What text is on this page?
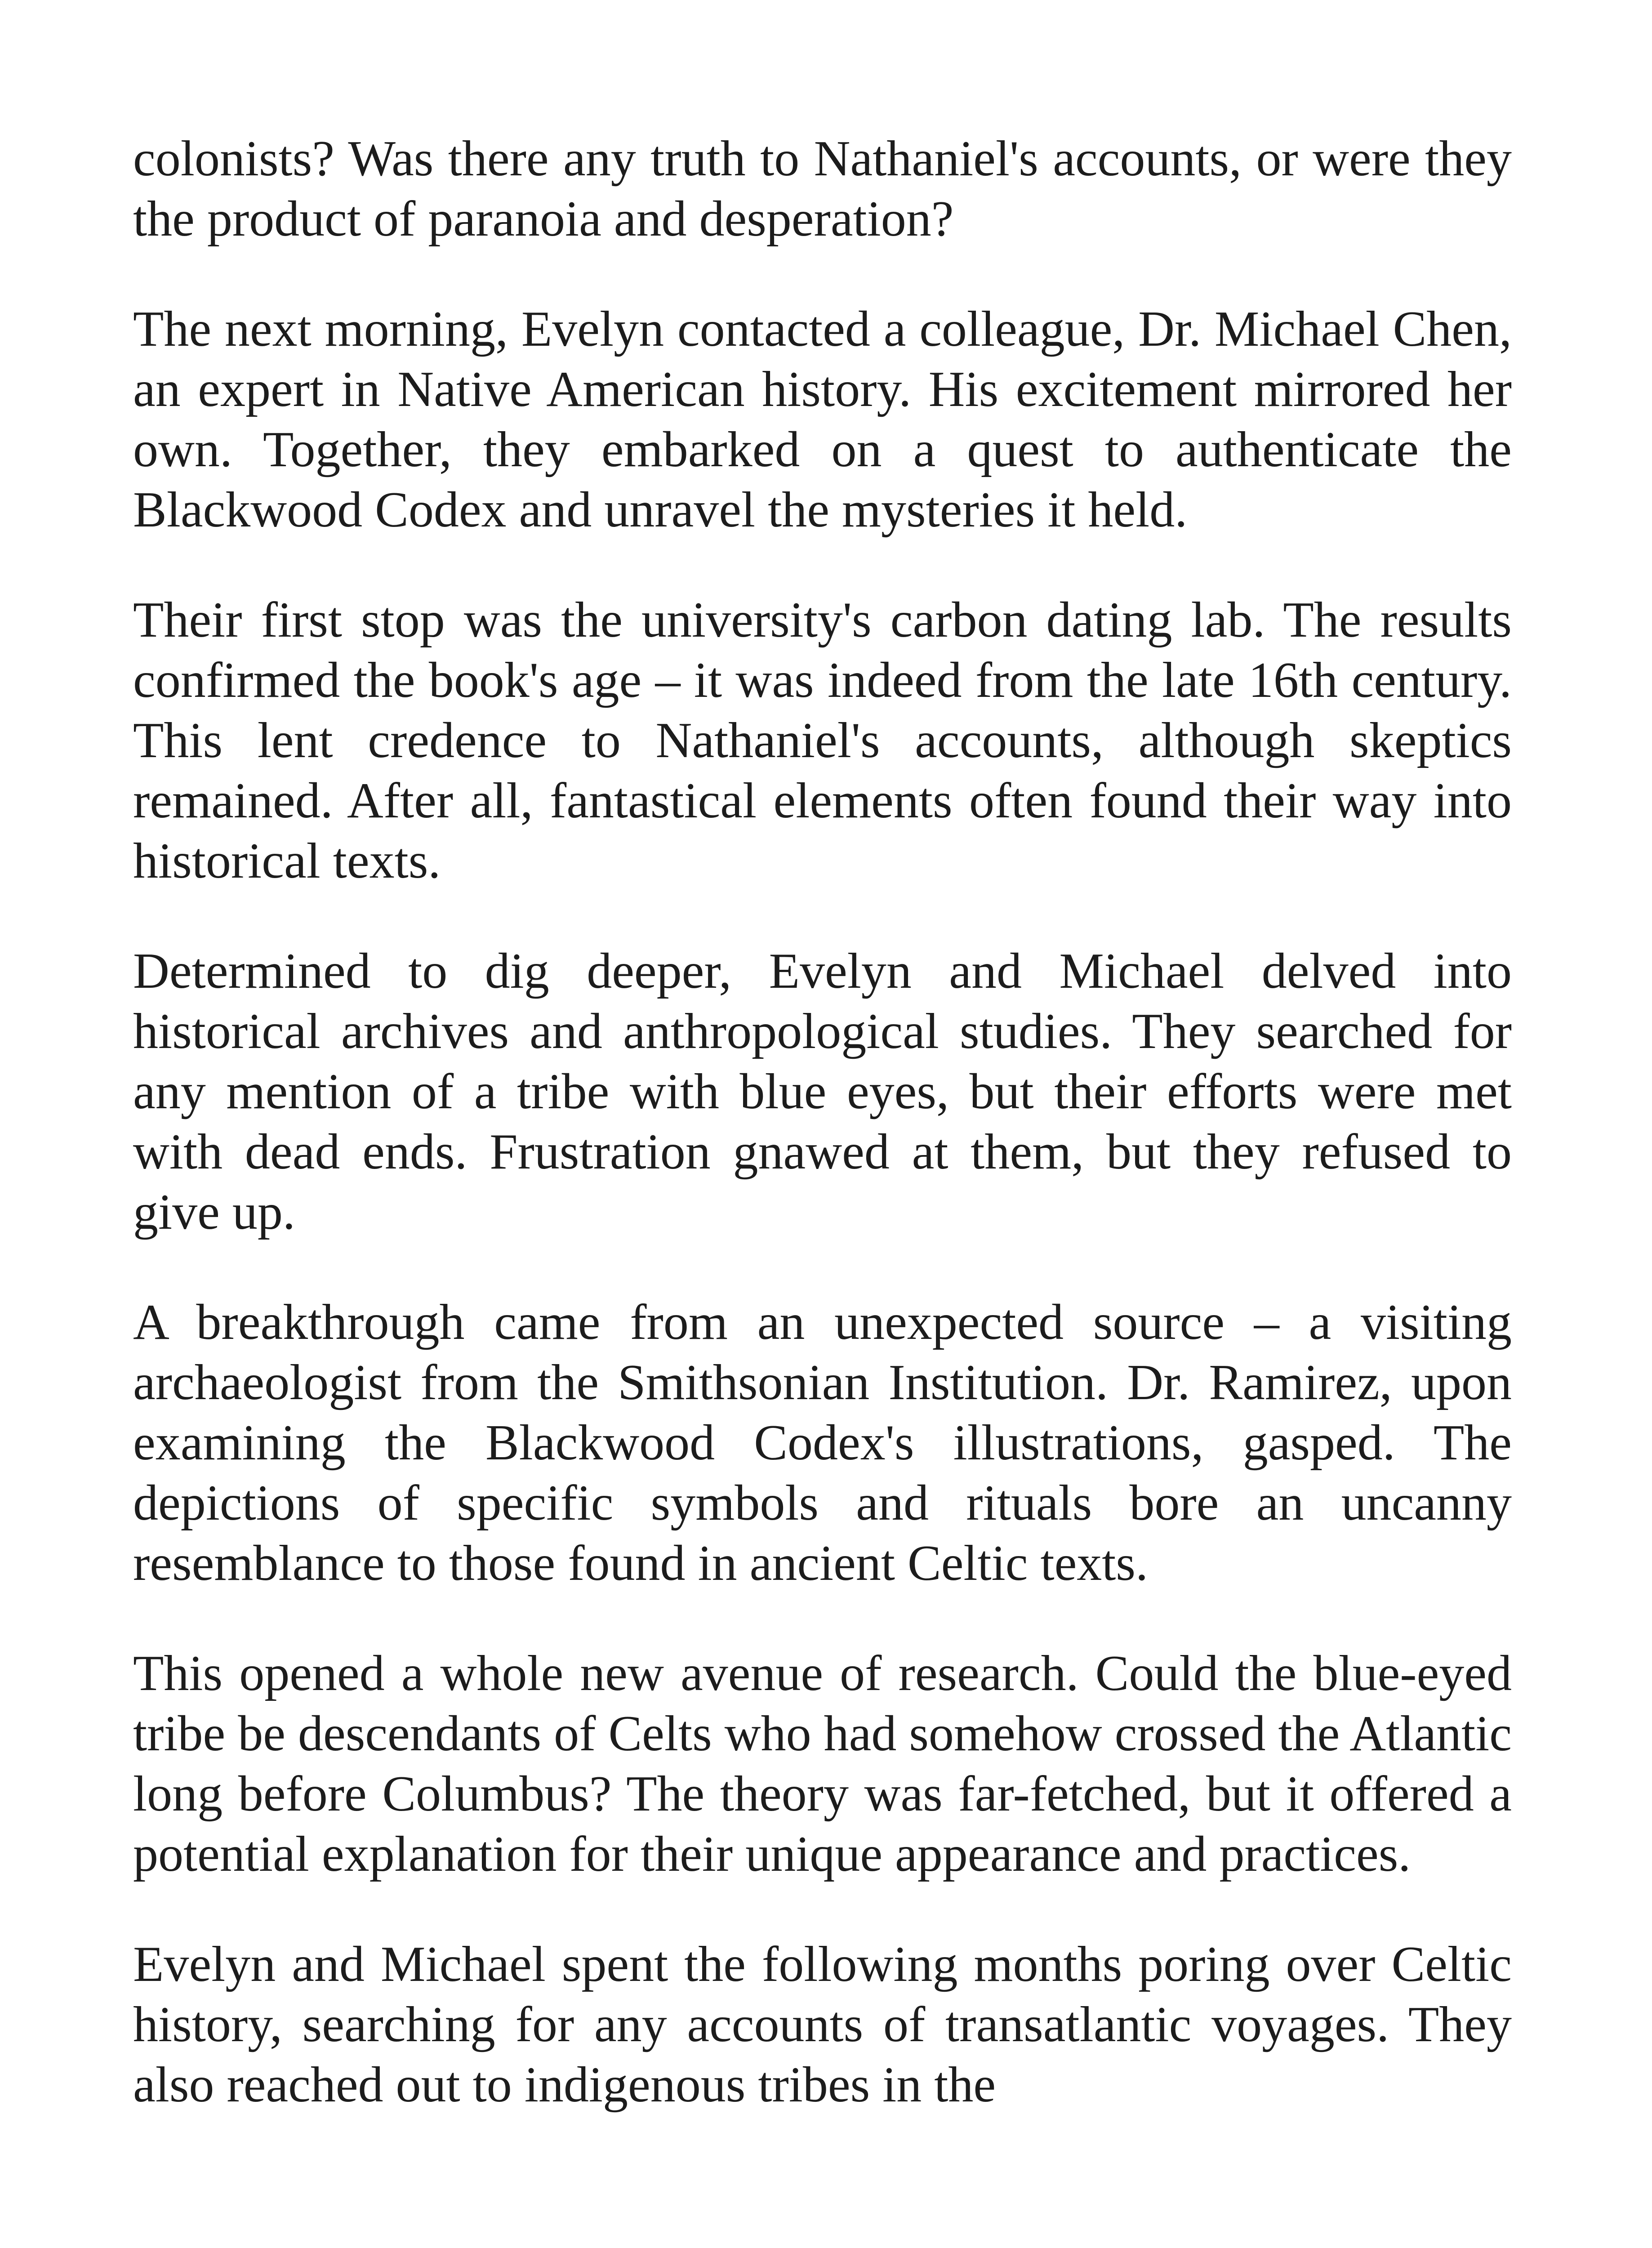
colonists? Was there any truth to Nathaniel's accounts, or were they the product of paranoia and desperation?

The next morning, Evelyn contacted a colleague, Dr. Michael Chen, an expert in Native American history. His excitement mirrored her own. Together, they embarked on a quest to authenticate the Blackwood Codex and unravel the mysteries it held.

Their first stop was the university's carbon dating lab. The results confirmed the book's age – it was indeed from the late 16th century. This lent credence to Nathaniel's accounts, although skeptics remained. After all, fantastical elements often found their way into historical texts.

Determined to dig deeper, Evelyn and Michael delved into historical archives and anthropological studies. They searched for any mention of a tribe with blue eyes, but their efforts were met with dead ends. Frustration gnawed at them, but they refused to give up.

A breakthrough came from an unexpected source – a visiting archaeologist from the Smithsonian Institution. Dr. Ramirez, upon examining the Blackwood Codex's illustrations, gasped. The depictions of specific symbols and rituals bore an uncanny resemblance to those found in ancient Celtic texts.

This opened a whole new avenue of research. Could the blue-eyed tribe be descendants of Celts who had somehow crossed the Atlantic long before Columbus? The theory was far-fetched, but it offered a potential explanation for their unique appearance and practices.

Evelyn and Michael spent the following months poring over Celtic history, searching for any accounts of transatlantic voyages. They also reached out to indigenous tribes in the
